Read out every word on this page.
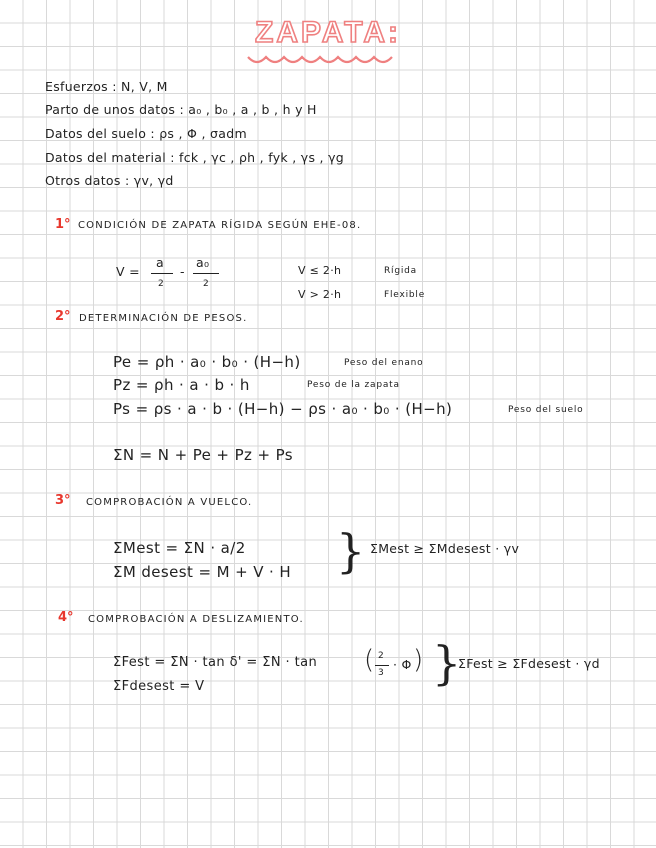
ZAPATA:
Esfuerzos : N, V, M
Parto de unos datos : a₀ , b₀ , a , b , h y H
Datos del suelo : ρs , Φ , σadm
Datos del material : fck , γc , ρh , fyk , γs , γg
Otros datos : γv, γd
1° CONDICIÓN DE ZAPATA RÍGIDA SEGÚN EHE-08.
V =
a
2
-
a₀
2
V ≤ 2·h	Rígida
V > 2·h	Flexible
2° DETERMINACIÓN DE PESOS.
Pe = ρh · a₀ · b₀ · (H−h)	Peso del enano
Pz = ρh · a · b · h	Peso de la zapata
Ps = ρs · a · b · (H−h) − ρs · a₀ · b₀ · (H−h)	Peso del suelo
ΣN = N + Pe + Pz + Ps
3° COMPROBACIÓN A VUELCO.
ΣMest = ΣN · a/2
ΣM desest = M + V · H } ΣMest ≥ ΣMdesest · γv
4° COMPROBACIÓN A DESLIZAMIENTO.
ΣFest = ΣN · tan δ' = ΣN · tan ( 2
3
· Φ )
ΣFdesest = V	}
ΣFest ≥ ΣFdesest · γd
